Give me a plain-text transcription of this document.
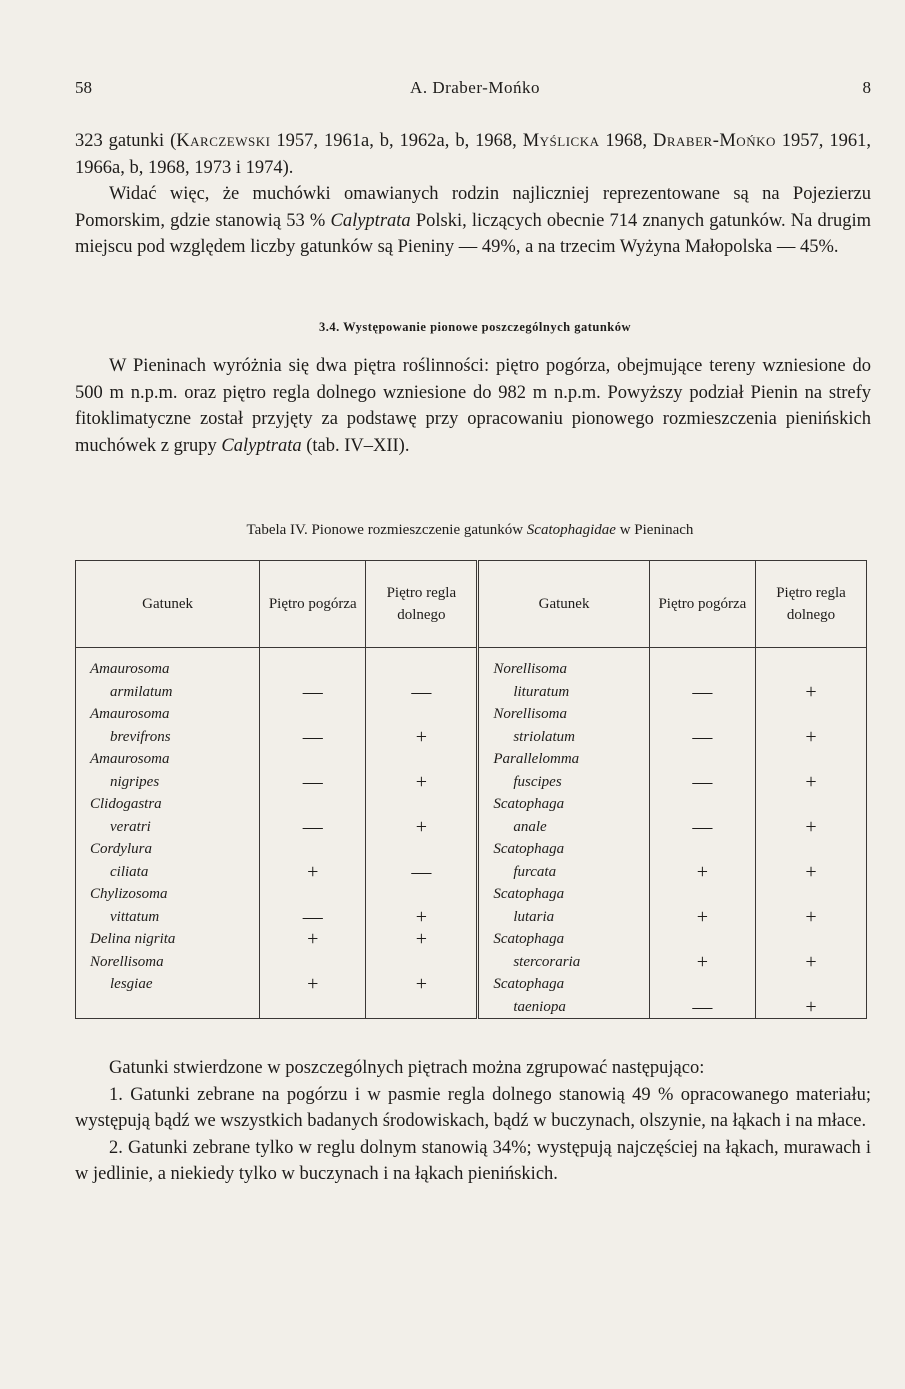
58	A. Draber-Mońko	8

323 gatunki (Karczewski 1957, 1961a, b, 1962a, b, 1968, Myślicka 1968, Draber-Mońko 1957, 1961, 1966a, b, 1968, 1973 i 1974).

Widać więc, że muchówki omawianych rodzin najliczniej reprezentowane są na Pojezierzu Pomorskim, gdzie stanowią 53 % Calyptrata Polski, liczących obecnie 714 znanych gatunków. Na drugim miejscu pod względem liczby gatunków są Pieniny — 49%, a na trzecim Wyżyna Małopolska — 45%.

3.4. Występowanie pionowe poszczególnych gatunków

W Pieninach wyróżnia się dwa piętra roślinności: piętro pogórza, obejmujące tereny wzniesione do 500 m n.p.m. oraz piętro regla dolnego wzniesione do 982 m n.p.m. Powyższy podział Pienin na strefy fitoklimatyczne został przyjęty za podstawę przy opracowaniu pionowego rozmieszczenia pienińskich muchówek z grupy Calyptrata (tab. IV–XII).

Tabela IV. Pionowe rozmieszczenie gatunków Scatophagidae w Pieninach
Gatunek	Piętro pogórza	Piętro regla dolnego	Gatunek	Piętro pogórza	Piętro regla dolnego

Amaurosoma			Norellisoma		
armilatum	—	—	lituratum	—	+
Amaurosoma			Norellisoma		
brevifrons	—	+	striolatum	—	+
Amaurosoma			Parallelomma		
nigripes	—	+	fuscipes	—	+
Clidogastra			Scatophaga		
veratri	—	+	anale	—	+
Cordylura			Scatophaga		
ciliata	+	—	furcata	+	+
Chylizosoma			Scatophaga		
vittatum	—	+	lutaria	+	+
Delina nigrita	+	+	Scatophaga		
Norellisoma			stercoraria	+	+
lesgiae	+	+	Scatophaga		
			taeniopa	—	+

Gatunki stwierdzone w poszczególnych piętrach można zgrupować następująco:

1. Gatunki zebrane na pogórzu i w pasmie regla dolnego stanowią 49 % opracowanego materiału; występują bądź we wszystkich badanych środowiskach, bądź w buczynach, olszynie, na łąkach i na młace.

2. Gatunki zebrane tylko w reglu dolnym stanowią 34%; występują najczęściej na łąkach, murawach i w jedlinie, a niekiedy tylko w buczynach i na łąkach pienińskich.
